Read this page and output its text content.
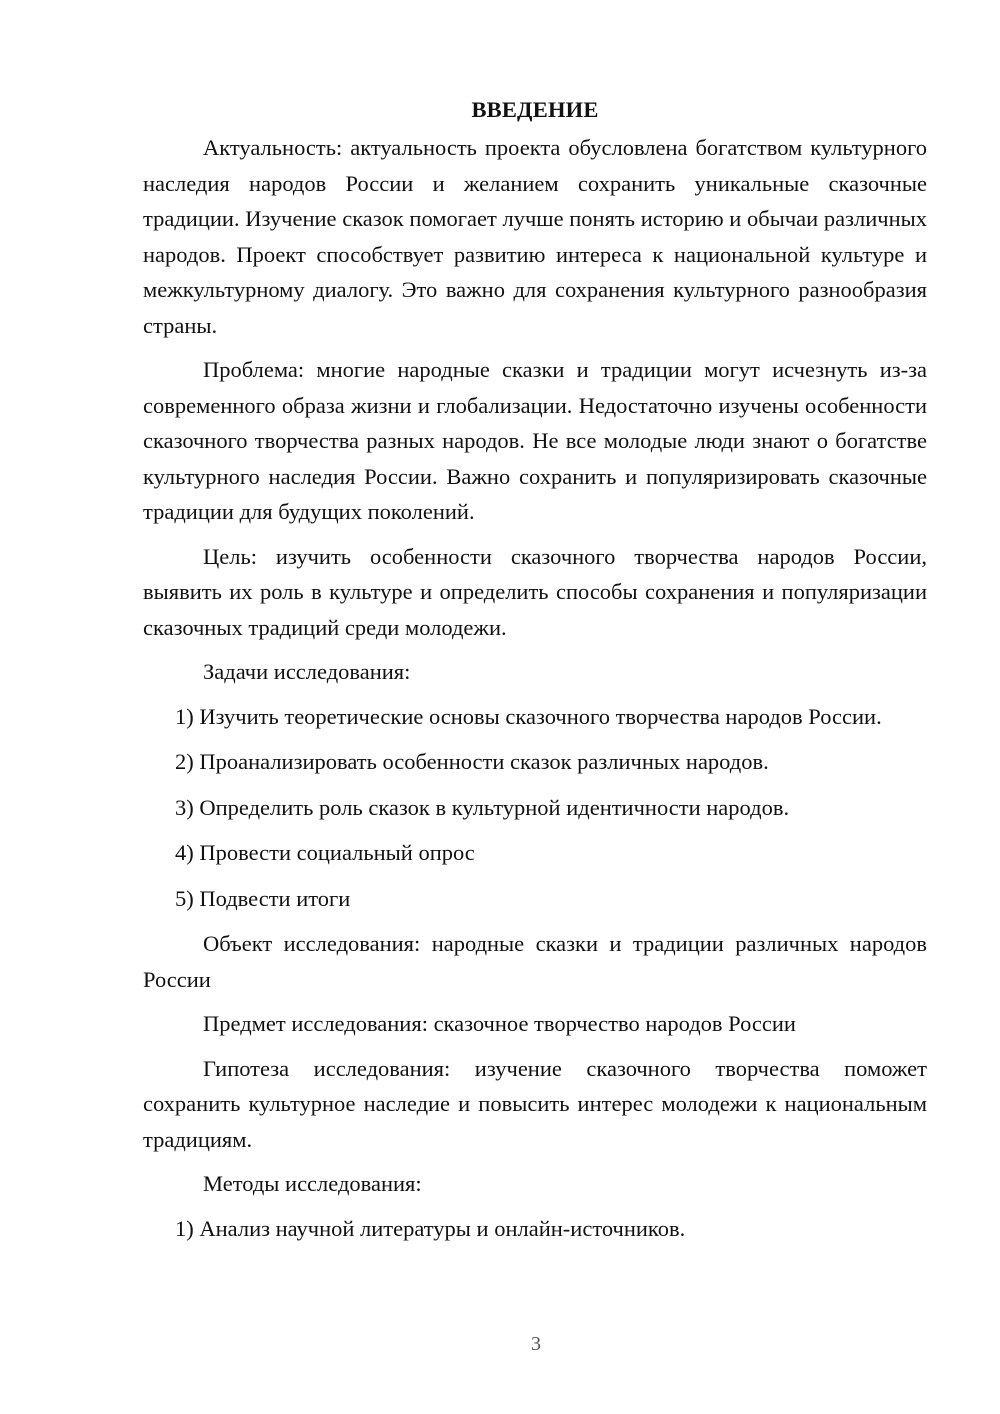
ВВЕДЕНИЕ

Актуальность: актуальность проекта обусловлена богатством культурного наследия народов России и желанием сохранить уникальные сказочные традиции. Изучение сказок помогает лучше понять историю и обычаи различных народов. Проект способствует развитию интереса к национальной культуре и межкультурному диалогу. Это важно для сохранения культурного разнообразия страны.

Проблема: многие народные сказки и традиции могут исчезнуть из-за современного образа жизни и глобализации. Недостаточно изучены особенности сказочного творчества разных народов. Не все молодые люди знают о богатстве культурного наследия России. Важно сохранить и популяризировать сказочные традиции для будущих поколений.

Цель: изучить особенности сказочного творчества народов России, выявить их роль в культуре и определить способы сохранения и популяризации сказочных традиций среди молодежи.

Задачи исследования:

1) Изучить теоретические основы сказочного творчества народов России.

2) Проанализировать особенности сказок различных народов.

3) Определить роль сказок в культурной идентичности народов.

4) Провести социальный опрос

5) Подвести итоги

Объект исследования: народные сказки и традиции различных народов России

Предмет исследования: сказочное творчество народов России

Гипотеза исследования: изучение сказочного творчества поможет сохранить культурное наследие и повысить интерес молодежи к национальным традициям.

Методы исследования:

1) Анализ научной литературы и онлайн-источников.

3
